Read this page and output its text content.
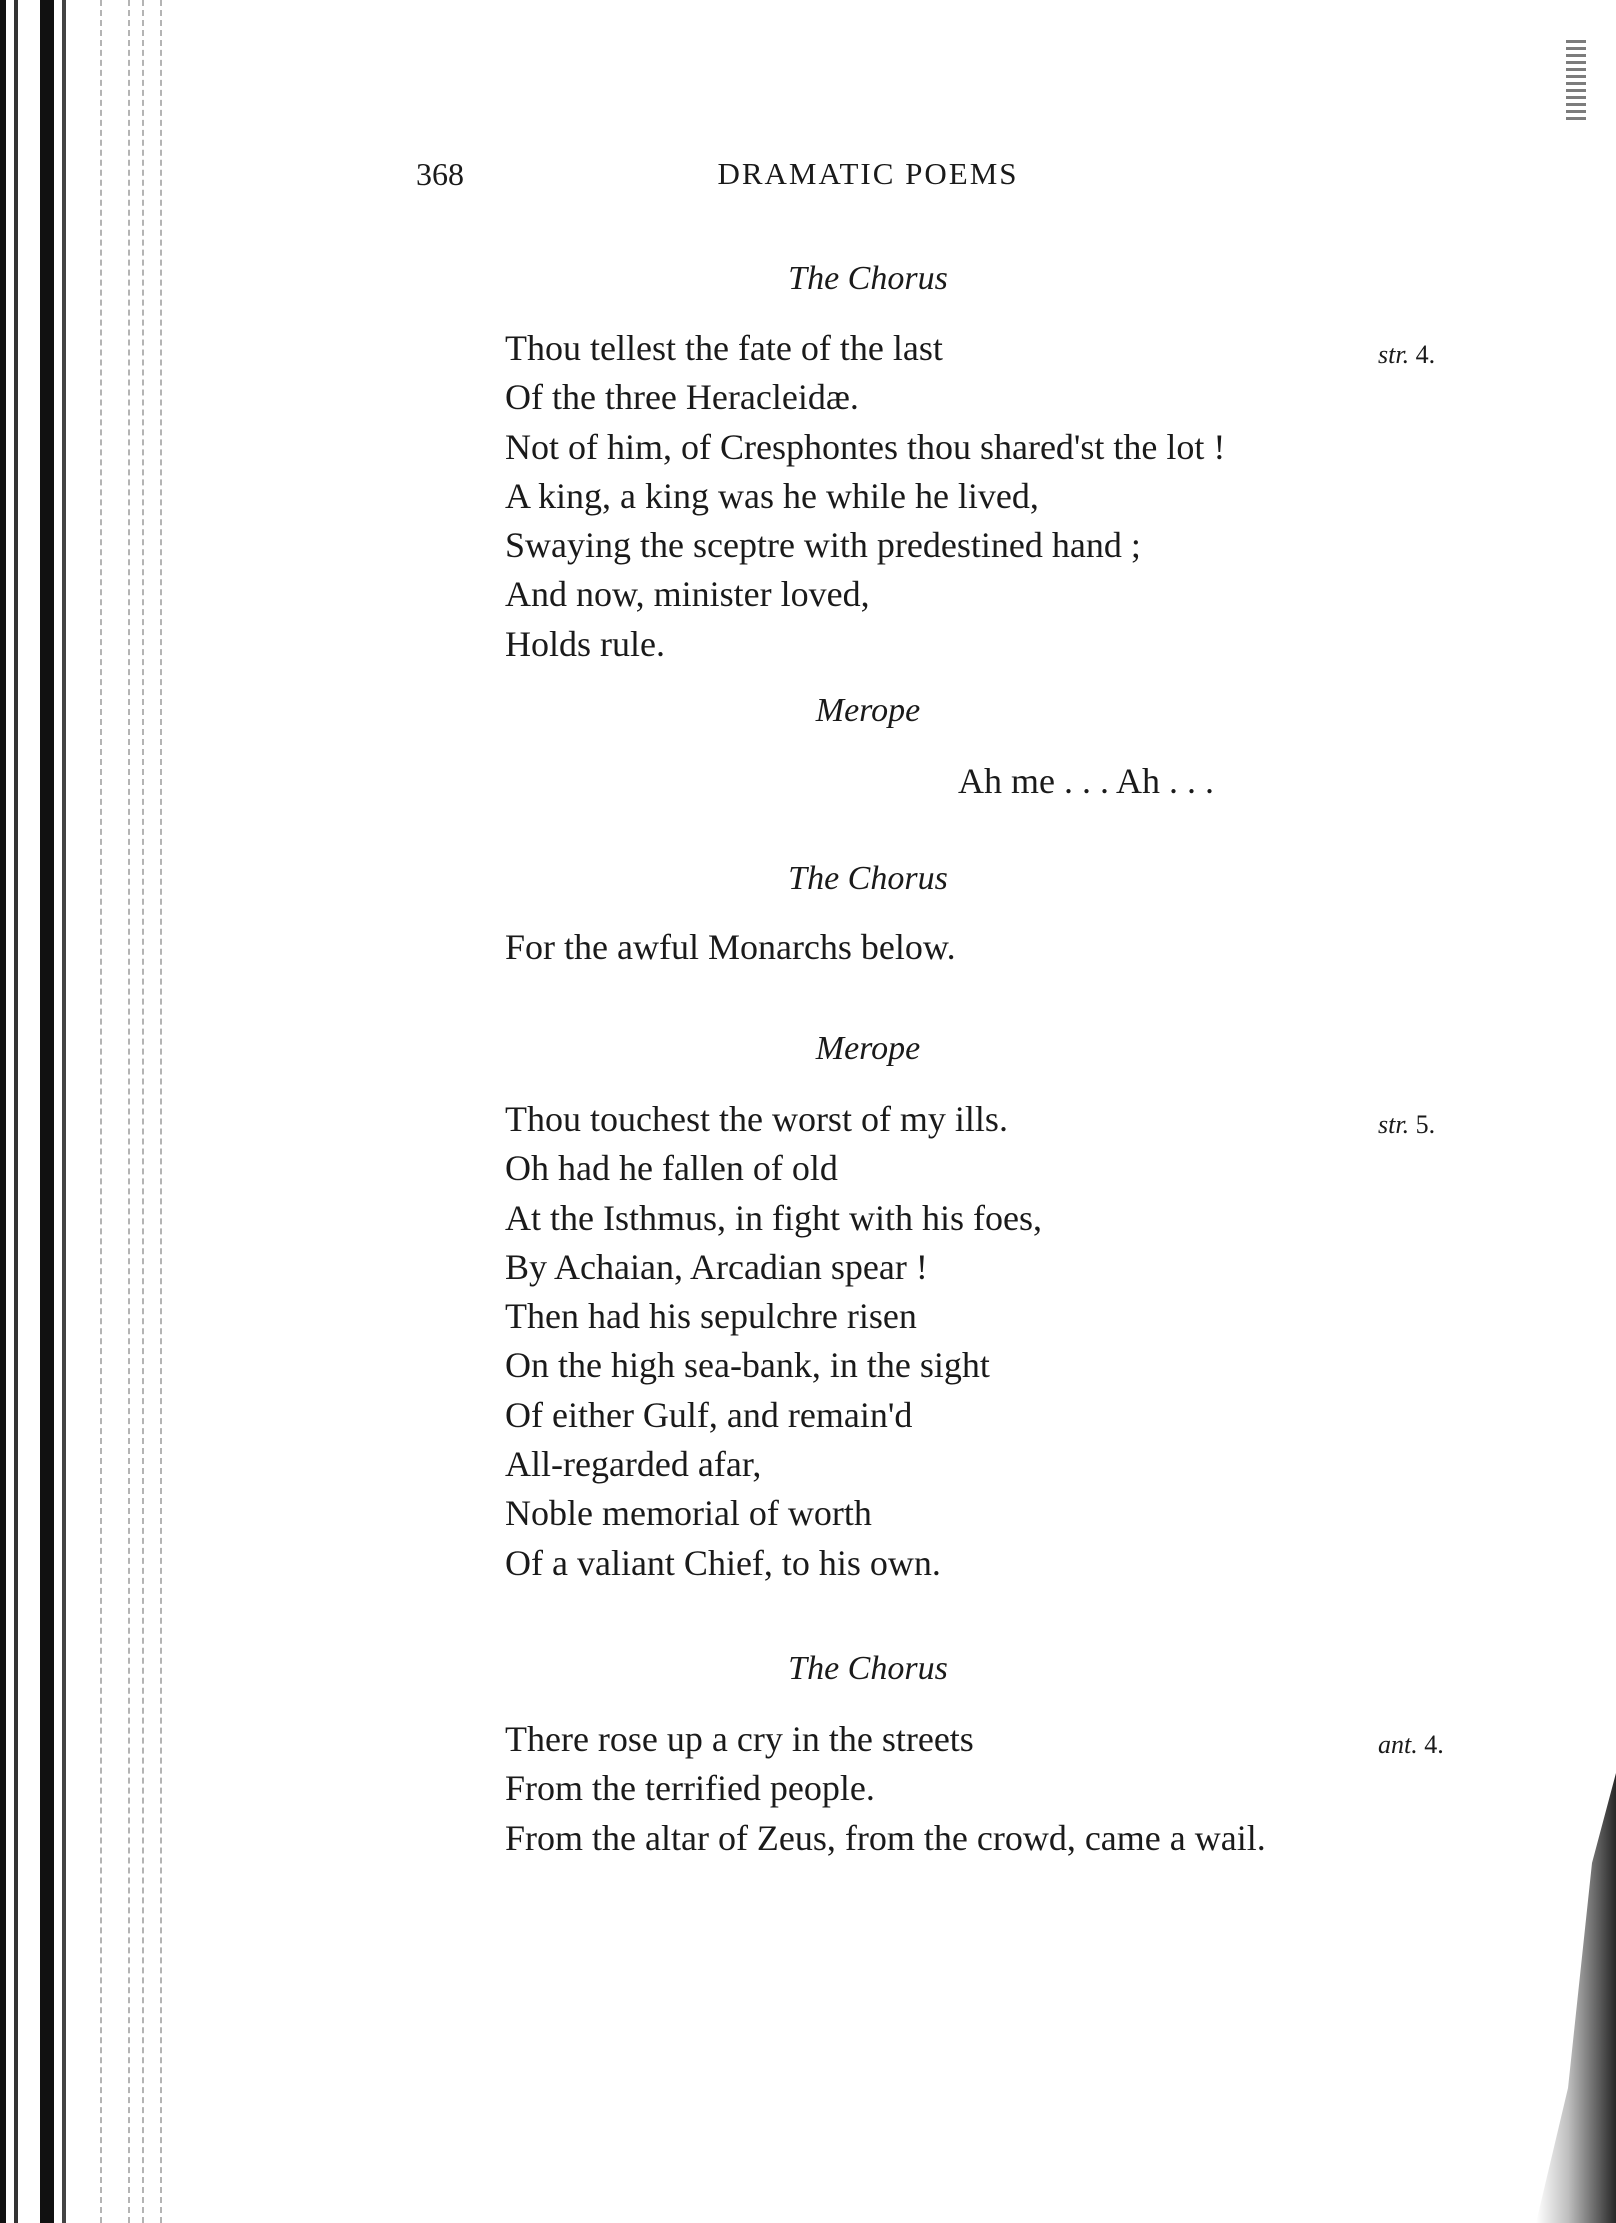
368	DRAMATIC POEMS
The Chorus
str. 4.
Thou tellest the fate of the last
Of the three Heracleidæ.
Not of him, of Cresphontes thou shared'st the lot !
A king, a king was he while he lived,
Swaying the sceptre with predestined hand ;
And now, minister loved,
Holds rule.
Merope
Ah me . . . Ah . . .
The Chorus
For the awful Monarchs below.
Merope
str. 5.
Thou touchest the worst of my ills.
Oh had he fallen of old
At the Isthmus, in fight with his foes,
By Achaian, Arcadian spear !
Then had his sepulchre risen
On the high sea-bank, in the sight
Of either Gulf, and remain'd
All-regarded afar,
Noble memorial of worth
Of a valiant Chief, to his own.
The Chorus
ant. 4.
There rose up a cry in the streets
From the terrified people.
From the altar of Zeus, from the crowd, came a wail.
